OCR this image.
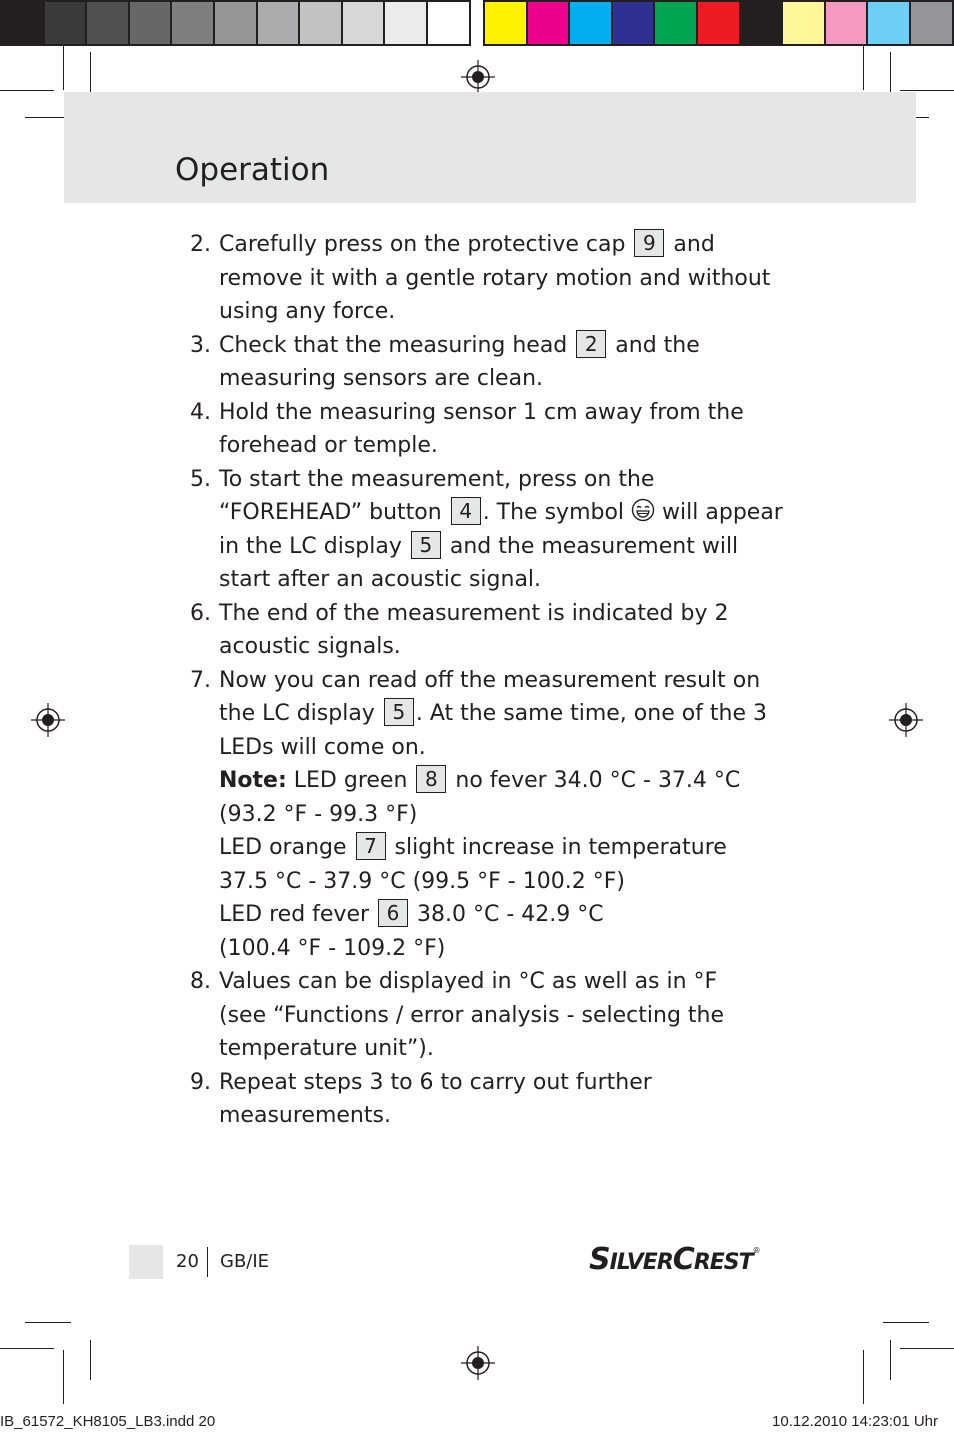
Operation
2. Carefully press on the protective cap 9 and remove it with a gentle rotary motion and without using any force.
3. Check that the measuring head 2 and the measuring sensors are clean.
4. Hold the measuring sensor 1 cm away from the forehead or temple.
5. To start the measurement, press on the “FOREHEAD” button 4 . The symbol will appear in the LC display 5 and the measurement will start after an acoustic signal.
6. The end of the measurement is indicated by 2 acoustic signals.
7. Now you can read off the measurement result on the LC display 5 . At the same time, one of the 3 LEDs will come on.
Note: LED green 8 no fever 34.0 °C - 37.4 °C
(93.2 °F - 99.3 °F)
LED orange 7 slight increase in temperature
37.5 °C - 37.9 °C (99.5 °F - 100.2 °F)
LED red fever 6 38.0 °C - 42.9 °C
(100.4 °F - 109.2 °F)
8. Values can be displayed in °C as well as in °F
(see “Functions / error analysis - selecting the temperature unit”).
9. Repeat steps 3 to 6 to carry out further measurements.
20 GB/IE	SILVERCREST®
IB_61572_KH8105_LB3.indd 20	10.12.2010 14:23:01 Uhr
